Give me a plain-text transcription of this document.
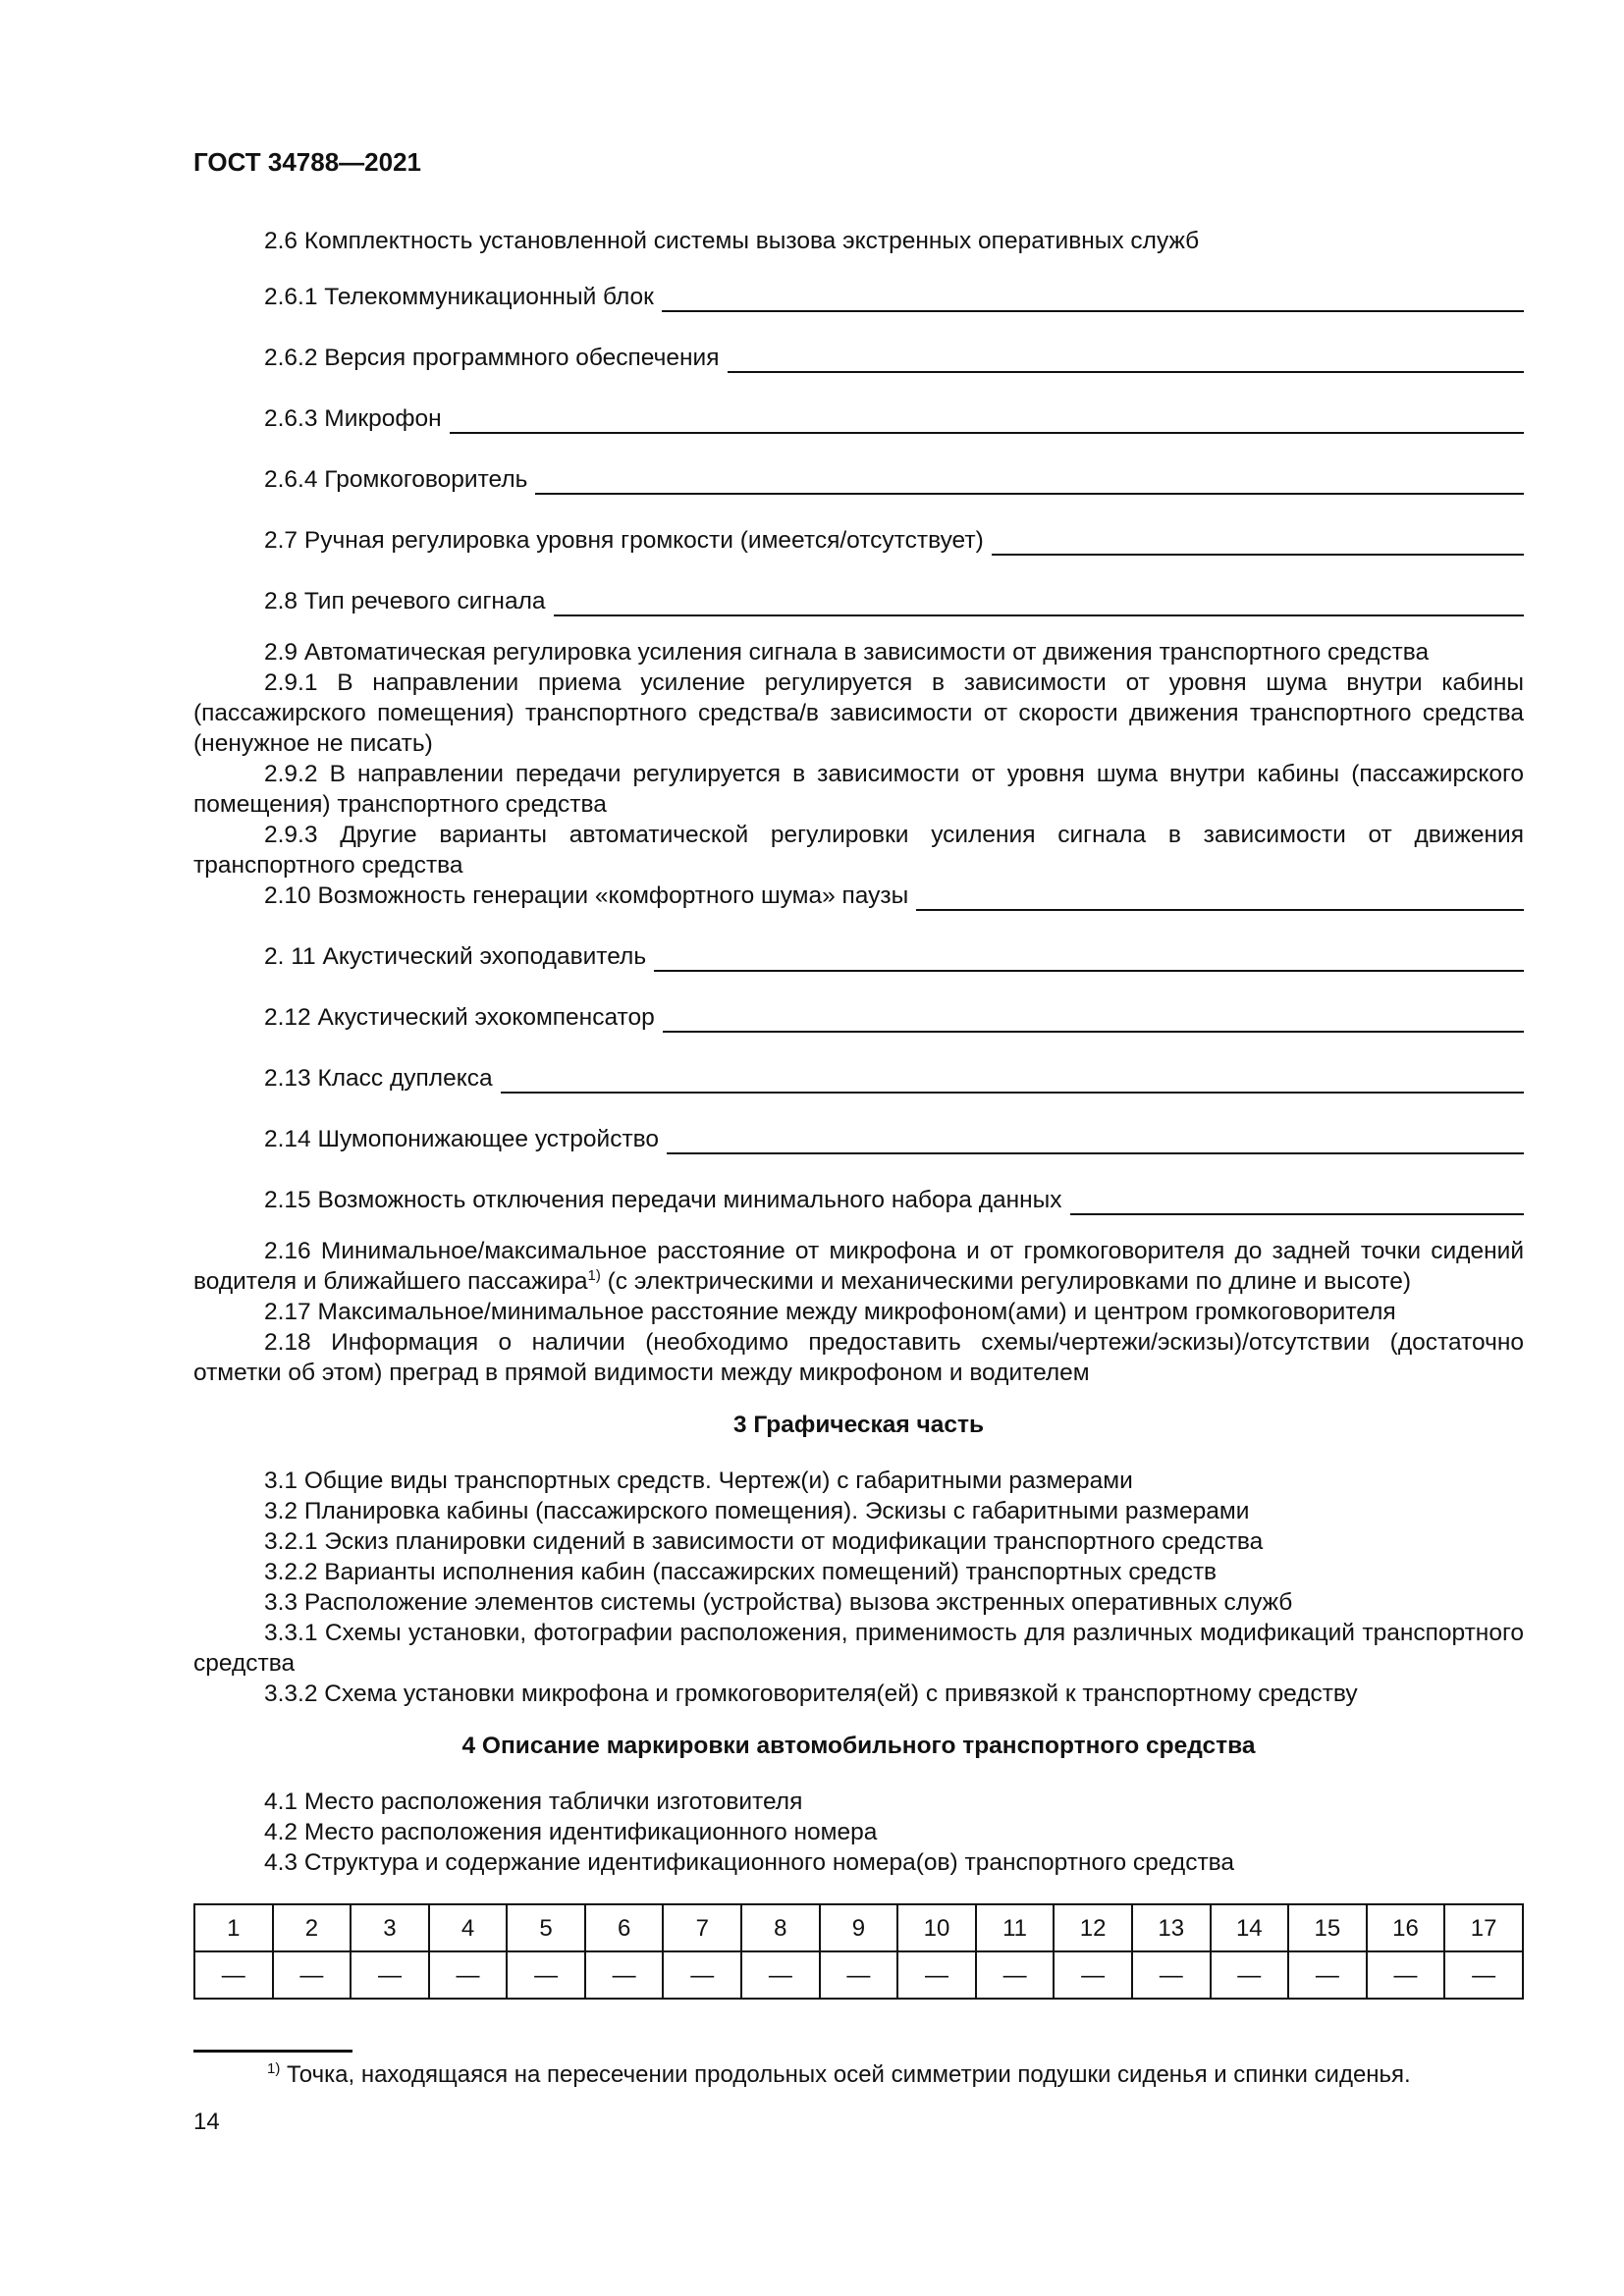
ГОСТ 34788—2021

2.6 Комплектность установленной системы вызова экстренных оперативных служб

2.6.1 Телекоммуникационный блок
2.6.2 Версия программного обеспечения
2.6.3 Микрофон
2.6.4 Громкоговоритель
2.7 Ручная регулировка уровня громкости (имеется/отсутствует)
2.8 Тип речевого сигнала

2.9 Автоматическая регулировка усиления сигнала в зависимости от движения транспортного средства

2.9.1 В направлении приема усиление регулируется в зависимости от уровня шума внутри кабины (пассажирского помещения) транспортного средства/в зависимости от скорости движения транспортного средства (ненужное не писать)

2.9.2 В направлении передачи регулируется в зависимости от уровня шума внутри кабины (пассажирского помещения) транспортного средства

2.9.3 Другие варианты автоматической регулировки усиления сигнала в зависимости от движения транспортного средства

2.10 Возможность генерации «комфортного шума» паузы
2. 11 Акустический эхоподавитель
2.12 Акустический эхокомпенсатор
2.13 Класс дуплекса
2.14 Шумопонижающее устройство
2.15 Возможность отключения передачи минимального набора данных

2.16 Минимальное/максимальное расстояние от микрофона и от громкоговорителя до задней точки сидений водителя и ближайшего пассажира$^{1)}$ (с электрическими и механическими регулировками по длине и высоте)

2.17 Максимальное/минимальное расстояние между микрофоном(ами) и центром громкоговорителя

2.18 Информация о наличии (необходимо предоставить схемы/чертежи/эскизы)/отсутствии (достаточно отметки об этом) преград в прямой видимости между микрофоном и водителем

3 Графическая часть

3.1 Общие виды транспортных средств. Чертеж(и) с габаритными размерами

3.2 Планировка кабины (пассажирского помещения). Эскизы с габаритными размерами

3.2.1 Эскиз планировки сидений в зависимости от модификации транспортного средства

3.2.2 Варианты исполнения кабин (пассажирских помещений) транспортных средств

3.3 Расположение элементов системы (устройства) вызова экстренных оперативных служб

3.3.1 Схемы установки, фотографии расположения, применимость для различных модификаций транспортного средства

3.3.2 Схема установки микрофона и громкоговорителя(ей) с привязкой к транспортному средству

4 Описание маркировки автомобильного транспортного средства

4.1 Место расположения таблички изготовителя

4.2 Место расположения идентификационного номера

4.3 Структура и содержание идентификационного номера(ов) транспортного средства

1	2	3	4	5	6	7	8	9	10	11	12	13	14	15	16	17
—	—	—	—	—	—	—	—	—	—	—	—	—	—	—	—	—
$^{1)}$ Точка, находящаяся на пересечении продольных осей симметрии подушки сиденья и спинки сиденья.
14
